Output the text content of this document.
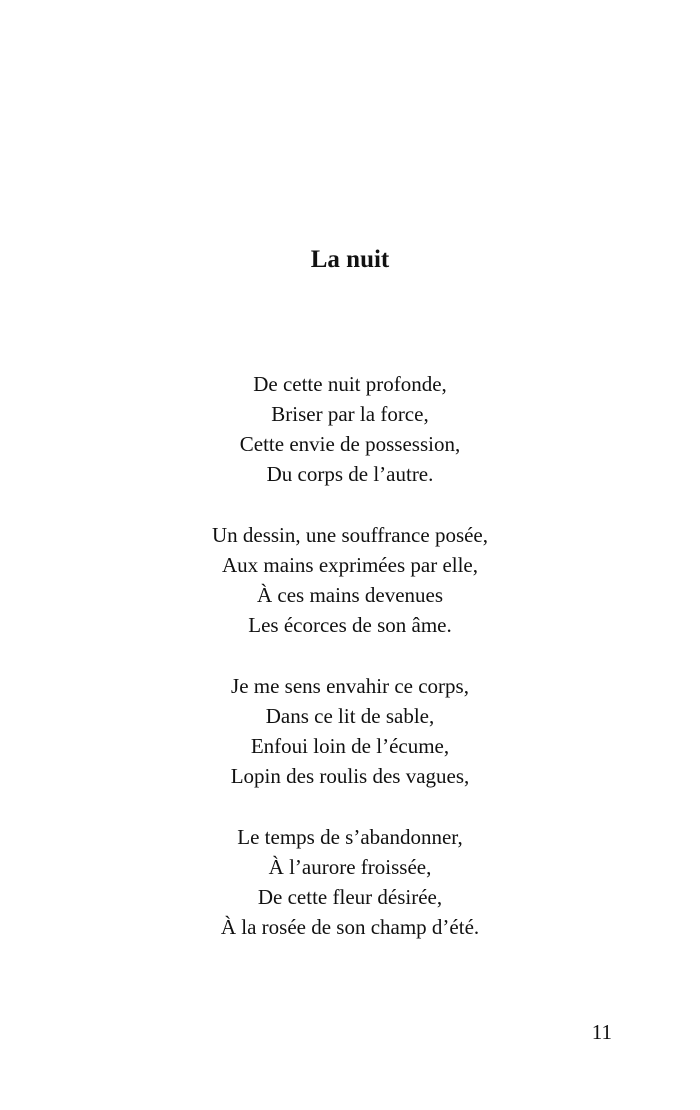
La nuit
De cette nuit profonde,
Briser par la force,
Cette envie de possession,
Du corps de l’autre.
Un dessin, une souffrance posée,
Aux mains exprimées par elle,
À ces mains devenues
Les écorces de son âme.
Je me sens envahir ce corps,
Dans ce lit de sable,
Enfoui loin de l’écume,
Lopin des roulis des vagues,
Le temps de s’abandonner,
À l’aurore froissée,
De cette fleur désirée,
À la rosée de son champ d’été.
11
